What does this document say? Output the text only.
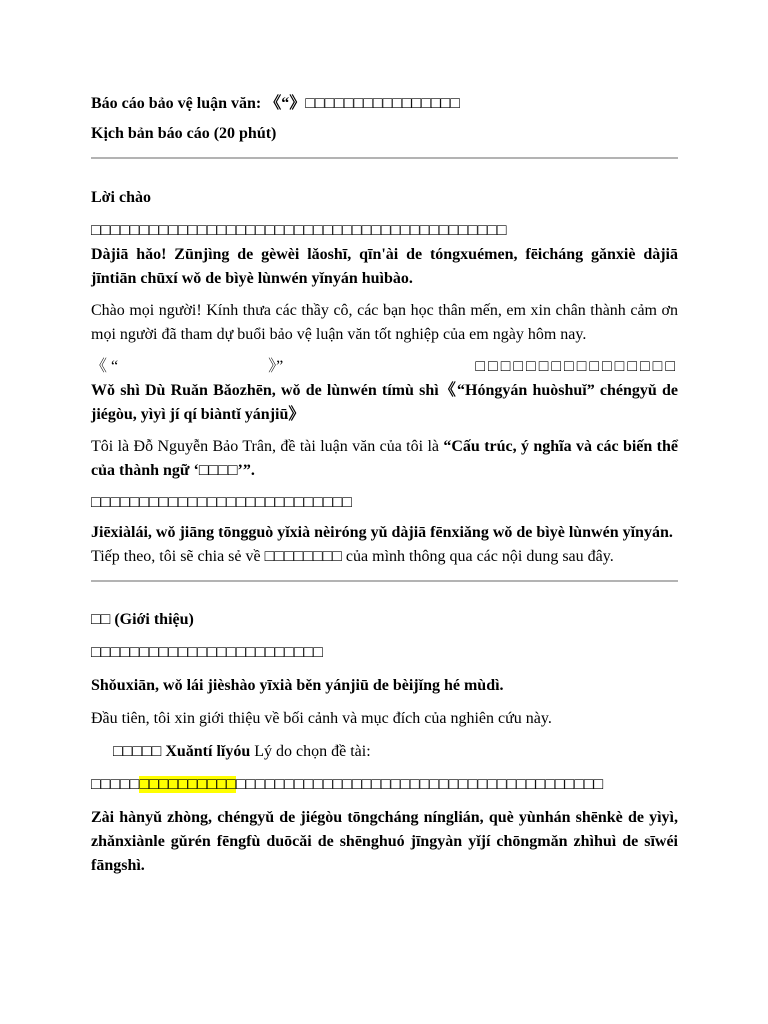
Báo cáo bảo vệ luận văn: 《“》□□□□□□□□□□□□□□□□

Kịch bản báo cáo (20 phút)

Lời chào

□□□□□□□□□□□□□□□□□□□□□□□□□□□□□□□□□□□□□□□□□□□

Dàjiā hǎo! Zūnjìng de gèwèi lǎoshī, qīn'ài de tóngxuémen, fēicháng gǎnxiè dàjiā jīntiān chūxí wǒ de bìyè lùnwén yǐnyán huìbào.

Chào mọi người! Kính thưa các thầy cô, các bạn học thân mến, em xin chân thành cảm ơn mọi người đã tham dự buổi bảo vệ luận văn tốt nghiệp của em ngày hôm nay.

《 “	》”	□□□□□□□□□□□□□□□□

Wǒ shì Dù Ruǎn Bǎozhēn, wǒ de lùnwén tímù shì《“Hóngyán huòshuǐ” chéngyǔ de jiégòu, yìyì jí qí biàntǐ yánjiū》

Tôi là Đỗ Nguyễn Bảo Trân, đề tài luận văn của tôi là “Cấu trúc, ý nghĩa và các biến thể của thành ngữ ‘□□□□’”.

□□□□□□□□□□□□□□□□□□□□□□□□□□□

Jiēxiàlái, wǒ jiāng tōngguò yǐxià nèiróng yǔ dàjiā fēnxiǎng wǒ de bìyè lùnwén yǐnyán.

Tiếp theo, tôi sẽ chia sẻ về □□□□□□□□ của mình thông qua các nội dung sau đây.

□□ (Giới thiệu)

□□□□□□□□□□□□□□□□□□□□□□□□

Shǒuxiān, wǒ lái jièshào yīxià běn yánjiū de bèijǐng hé mùdì.

Đầu tiên, tôi xin giới thiệu về bối cảnh và mục đích của nghiên cứu này.

□□□□□ Xuǎntí lǐyóu Lý do chọn đề tài:

□□□□□□□□□□□□□□□□□□□□□□□□□□□□□□□□□□□□□□□□□□□□□□□□□□□□□

Zài hànyǔ zhòng, chéngyǔ de jiégòu tōngcháng nínglián, què yùnhán shēnkè de yìyì, zhǎnxiànle gǔrén fēngfù duōcǎi de shēnghuó jīngyàn yǐjí chōngmǎn zhìhuì de sīwéi fāngshì.
